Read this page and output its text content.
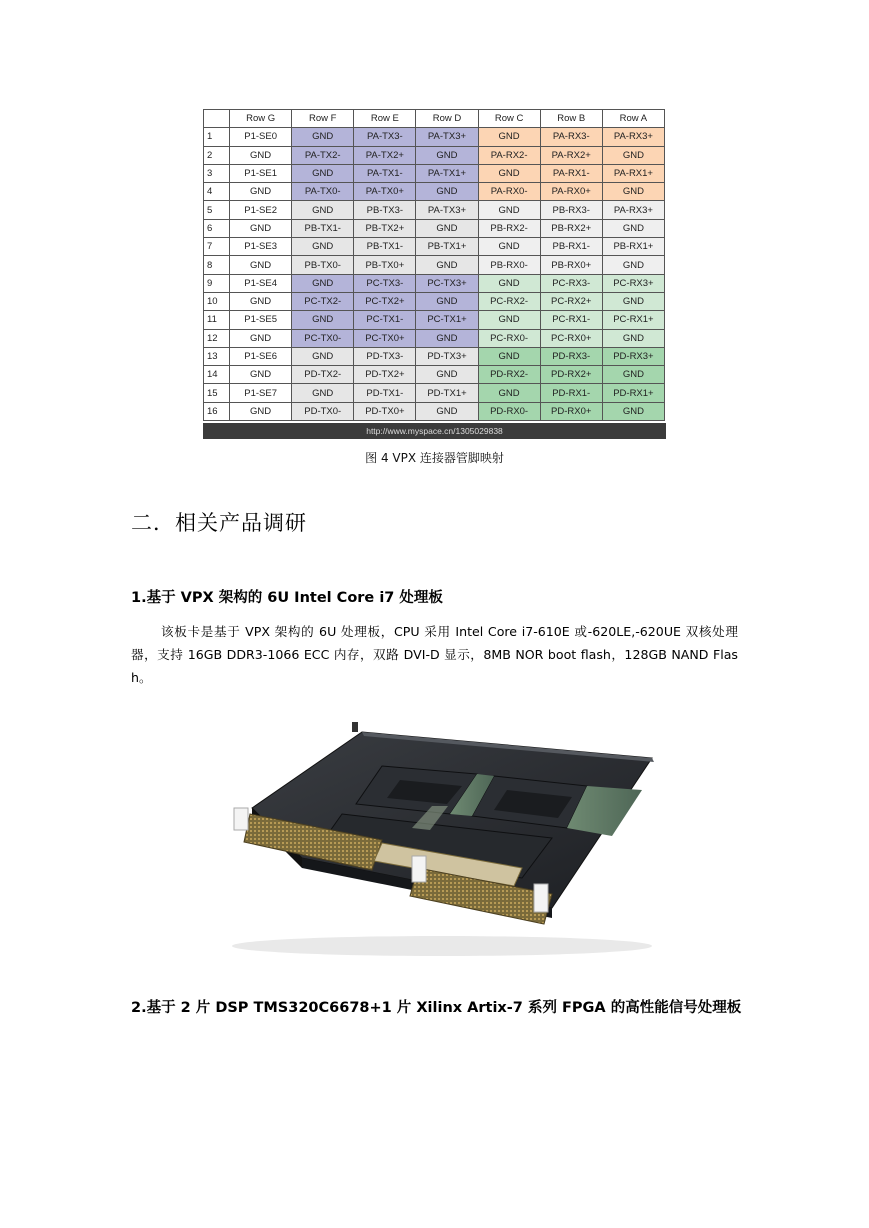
	Row G	Row F	Row E	Row D	Row C	Row B	Row A
1	P1-SE0	GND	PA-TX3-	PA-TX3+	GND	PA-RX3-	PA-RX3+
2	GND	PA-TX2-	PA-TX2+	GND	PA-RX2-	PA-RX2+	GND
3	P1-SE1	GND	PA-TX1-	PA-TX1+	GND	PA-RX1-	PA-RX1+
4	GND	PA-TX0-	PA-TX0+	GND	PA-RX0-	PA-RX0+	GND
5	P1-SE2	GND	PB-TX3-	PA-TX3+	GND	PB-RX3-	PA-RX3+
6	GND	PB-TX1-	PB-TX2+	GND	PB-RX2-	PB-RX2+	GND
7	P1-SE3	GND	PB-TX1-	PB-TX1+	GND	PB-RX1-	PB-RX1+
8	GND	PB-TX0-	PB-TX0+	GND	PB-RX0-	PB-RX0+	GND
9	P1-SE4	GND	PC-TX3-	PC-TX3+	GND	PC-RX3-	PC-RX3+
10	GND	PC-TX2-	PC-TX2+	GND	PC-RX2-	PC-RX2+	GND
11	P1-SE5	GND	PC-TX1-	PC-TX1+	GND	PC-RX1-	PC-RX1+
12	GND	PC-TX0-	PC-TX0+	GND	PC-RX0-	PC-RX0+	GND
13	P1-SE6	GND	PD-TX3-	PD-TX3+	GND	PD-RX3-	PD-RX3+
14	GND	PD-TX2-	PD-TX2+	GND	PD-RX2-	PD-RX2+	GND
15	P1-SE7	GND	PD-TX1-	PD-TX1+	GND	PD-RX1-	PD-RX1+
16	GND	PD-TX0-	PD-TX0+	GND	PD-RX0-	PD-RX0+	GND
http://www.myspace.cn/1305029838
图 4 VPX 连接器管脚映射
二．相关产品调研
1.基于 VPX 架构的 6U Intel Core i7 处理板
该板卡是基于 VPX 架构的 6U 处理板，CPU 采用 Intel Core i7-610E 或-620LE,-620UE 双核处理器，支持 16GB DDR3-1066 ECC 内存，双路 DVI-D 显示，8MB NOR boot flash，128GB NAND Flash。
2.基于 2 片 DSP TMS320C6678+1 片 Xilinx Artix-7 系列 FPGA 的高性能信号处理板
